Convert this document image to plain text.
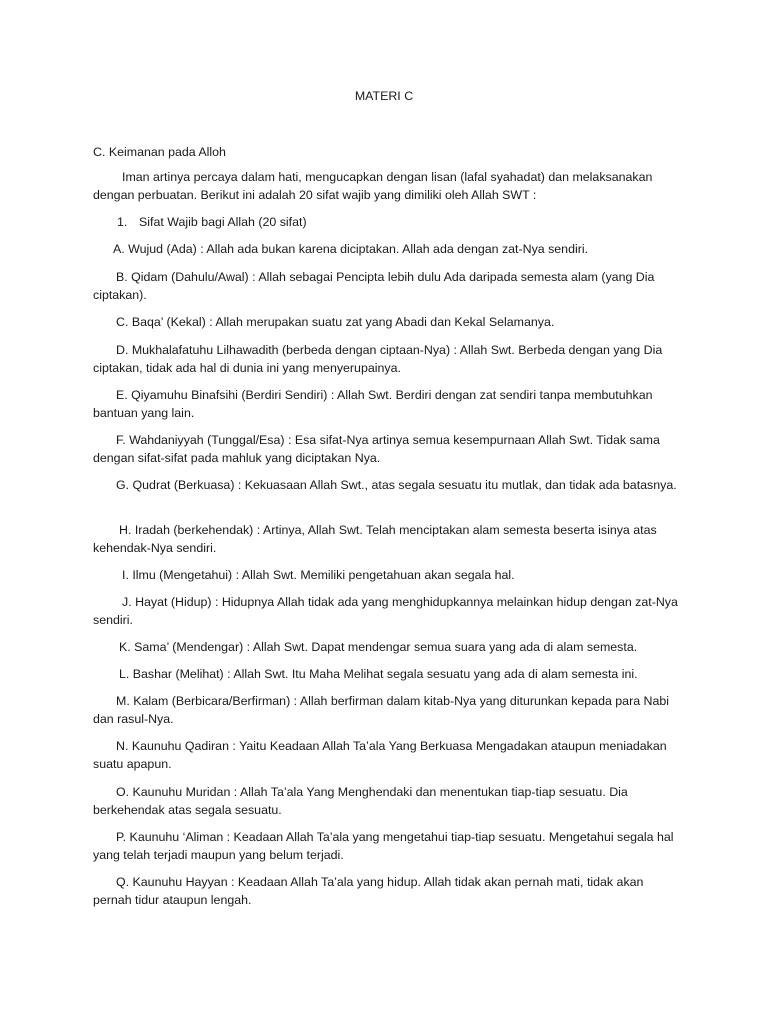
MATERI C
C. Keimanan pada Alloh
Iman artinya percaya dalam hati, mengucapkan dengan lisan (lafal syahadat) dan melaksanakan dengan perbuatan. Berikut ini adalah 20 sifat wajib yang dimiliki oleh Allah SWT :
1. Sifat Wajib bagi Allah (20 sifat)
A. Wujud (Ada) : Allah ada bukan karena diciptakan. Allah ada dengan zat-Nya sendiri.
B. Qidam (Dahulu/Awal) : Allah sebagai Pencipta lebih dulu Ada daripada semesta alam (yang Dia ciptakan).
C. Baqa’ (Kekal) : Allah merupakan suatu zat yang Abadi dan Kekal Selamanya.
D. Mukhalafatuhu Lilhawadith (berbeda dengan ciptaan-Nya) : Allah Swt. Berbeda dengan yang Dia ciptakan, tidak ada hal di dunia ini yang menyerupainya.
E. Qiyamuhu Binafsihi (Berdiri Sendiri) : Allah Swt. Berdiri dengan zat sendiri tanpa membutuhkan bantuan yang lain.
F. Wahdaniyyah (Tunggal/Esa) : Esa sifat-Nya artinya semua kesempurnaan Allah Swt. Tidak sama dengan sifat-sifat pada mahluk yang diciptakan Nya.
G. Qudrat (Berkuasa) : Kekuasaan Allah Swt., atas segala sesuatu itu mutlak, dan tidak ada batasnya.
H. Iradah (berkehendak) : Artinya, Allah Swt. Telah menciptakan alam semesta beserta isinya atas kehendak-Nya sendiri.
I. Ilmu (Mengetahui) : Allah Swt. Memiliki pengetahuan akan segala hal.
J. Hayat (Hidup) : Hidupnya Allah tidak ada yang menghidupkannya melainkan hidup dengan zat-Nya sendiri.
K. Sama’ (Mendengar) : Allah Swt. Dapat mendengar semua suara yang ada di alam semesta.
L. Bashar (Melihat) : Allah Swt. Itu Maha Melihat segala sesuatu yang ada di alam semesta ini.
M. Kalam (Berbicara/Berfirman) : Allah berfirman dalam kitab-Nya yang diturunkan kepada para Nabi dan rasul-Nya.
N. Kaunuhu Qadiran : Yaitu Keadaan Allah Ta’ala Yang Berkuasa Mengadakan ataupun meniadakan suatu apapun.
O. Kaunuhu Muridan : Allah Ta’ala Yang Menghendaki dan menentukan tiap-tiap sesuatu. Dia berkehendak atas segala sesuatu.
P. Kaunuhu ‘Aliman : Keadaan Allah Ta’ala yang mengetahui tiap-tiap sesuatu. Mengetahui segala hal yang telah terjadi maupun yang belum terjadi.
Q. Kaunuhu Hayyan : Keadaan Allah Ta’ala yang hidup. Allah tidak akan pernah mati, tidak akan pernah tidur ataupun lengah.
